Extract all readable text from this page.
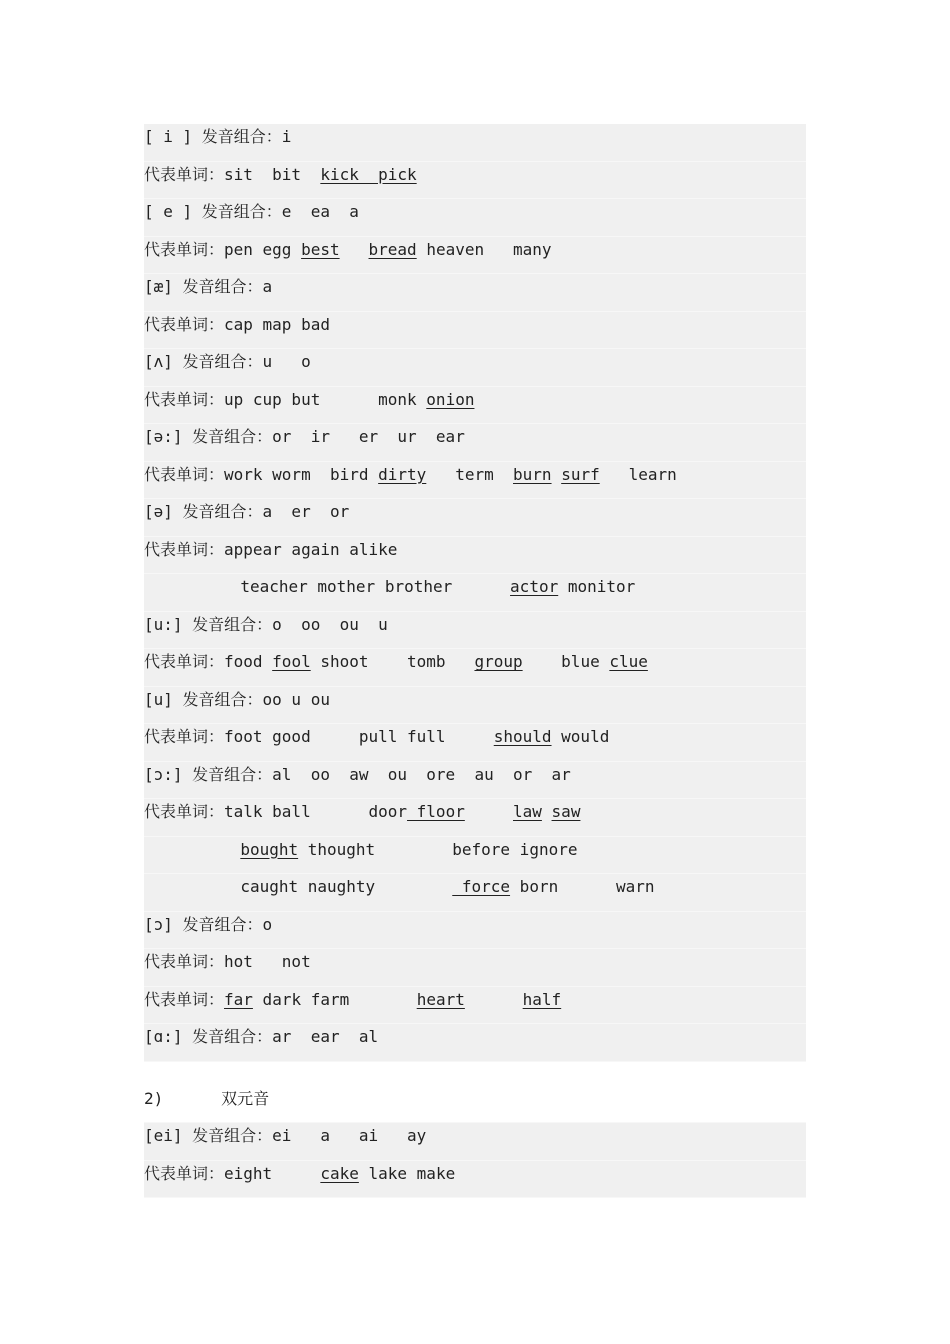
[ i ] 发音组合：i
代表单词：sit  bit  kick  pick
[ e ] 发音组合：e  ea  a
代表单词：pen egg best bread heaven   many
[æ] 发音组合：a
代表单词：cap map bad
[ʌ] 发音组合：u   o
代表单词：up cup but      monk onion
[ə:] 发音组合：or  ir   er  ur  ear
代表单词：work worm  bird dirty   term  burn surf   learn
[ə] 发音组合：a  er  or
代表单词：appear again alike
teacher mother brother      actor monitor
[u:] 发音组合：o  oo  ou  u
代表单词：food fool shoot    tomb   group    blue clue
[u] 发音组合：oo u ou
代表单词：foot good     pull full     should would
[ɔ:] 发音组合：al  oo  aw  ou  ore  au  or  ar
代表单词：talk ball      door floor	law saw
bought thought        before ignore
caught naughty         force born      warn
[ɔ] 发音组合：o
代表单词：hot   not
代表单词：far dark farm       heart	half
[ɑ:] 发音组合：ar  ear  al
2)      双元音
[ei] 发音组合：ei   a   ai   ay
代表单词：eight     cake lake make
